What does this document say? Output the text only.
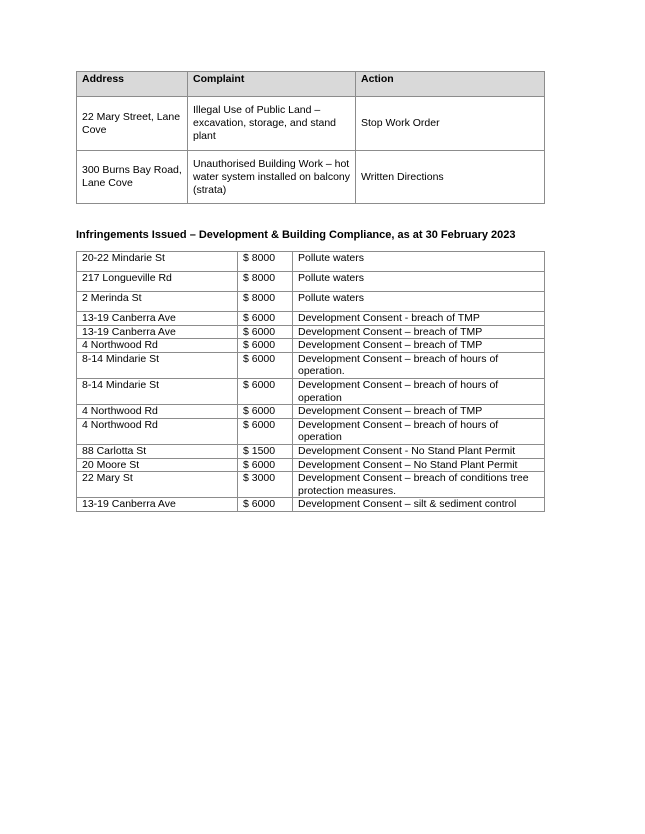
Address	Complaint	Action
22 Mary Street, Lane Cove	Illegal Use of Public Land – excavation, storage, and stand plant	Stop Work Order
300 Burns Bay Road, Lane Cove	Unauthorised Building Work – hot water system installed on balcony (strata)	Written Directions
Infringements Issued – Development & Building Compliance, as at 30 February 2023
20-22 Mindarie St	$ 8000	Pollute waters
217 Longueville Rd	$ 8000	Pollute waters
2 Merinda St	$ 8000	Pollute waters
13-19 Canberra Ave	$ 6000	Development Consent - breach of TMP
13-19 Canberra Ave	$ 6000	Development Consent – breach of TMP
4 Northwood Rd	$ 6000	Development Consent – breach of TMP
8-14 Mindarie St	$ 6000	Development Consent – breach of hours of operation.
8-14 Mindarie St	$ 6000	Development Consent – breach of hours of operation
4 Northwood Rd	$ 6000	Development Consent – breach of TMP
4 Northwood Rd	$ 6000	Development Consent – breach of hours of operation
88 Carlotta St	$ 1500	Development Consent - No Stand Plant Permit
20 Moore St	$ 6000	Development Consent – No Stand Plant Permit
22 Mary St	$ 3000	Development Consent – breach of conditions tree protection measures.
13-19 Canberra Ave	$ 6000	Development Consent – silt & sediment control
